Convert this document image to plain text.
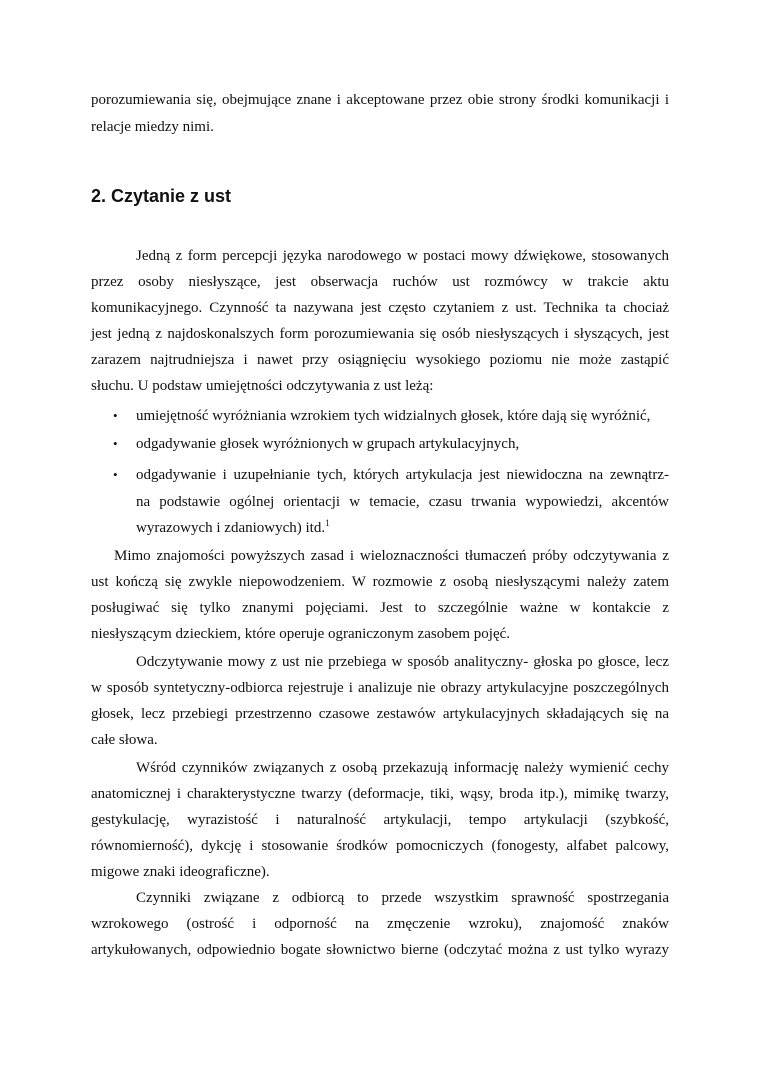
porozumiewania się, obejmujące znane i akceptowane przez obie strony środki komunikacji i
relacje miedzy nimi.
2. Czytanie z ust
Jedną z form percepcji języka narodowego w postaci mowy dźwiękowe, stosowanych
przez osoby niesłyszące, jest obserwacja ruchów ust rozmówcy w trakcie aktu
komunikacyjnego. Czynność ta nazywana jest często czytaniem z ust. Technika ta chociaż
jest jedną z najdoskonalszych form porozumiewania się osób niesłyszących i słyszących, jest
zarazem najtrudniejsza i nawet przy osiągnięciu wysokiego poziomu nie może zastąpić
słuchu. U podstaw umiejętności odczytywania z ust leżą:
• umiejętność wyróżniania wzrokiem tych widzialnych głosek, które dają się wyróżnić,
• odgadywanie głosek wyróżnionych w grupach artykulacyjnych,
• odgadywanie i uzupełnianie tych, których artykulacja jest niewidoczna na zewnątrz-
na podstawie ogólnej orientacji w temacie, czasu trwania wypowiedzi, akcentów
wyrazowych i zdaniowych) itd.$^1$
Mimo znajomości powyższych zasad i wieloznaczności tłumaczeń próby odczytywania z
ust kończą się zwykle niepowodzeniem. W rozmowie z osobą niesłyszącymi należy zatem
posługiwać się tylko znanymi pojęciami. Jest to szczególnie ważne w kontakcie z
niesłyszącym dzieckiem, które operuje ograniczonym zasobem pojęć.
Odczytywanie mowy z ust nie przebiega w sposób analityczny- głoska po głosce, lecz
w sposób syntetyczny-odbiorca rejestruje i analizuje nie obrazy artykulacyjne poszczególnych
głosek, lecz przebiegi przestrzenno czasowe zestawów artykulacyjnych składających się na
całe słowa.
Wśród czynników związanych z osobą przekazują informację należy wymienić cechy
anatomicznej i charakterystyczne twarzy (deformacje, tiki, wąsy, broda itp.), mimikę twarzy,
gestykulację, wyrazistość i naturalność artykulacji, tempo artykulacji (szybkość,
równomierność), dykcję i stosowanie środków pomocniczych (fonogesty, alfabet palcowy,
migowe znaki ideograficzne).
Czynniki związane z odbiorcą to przede wszystkim sprawność spostrzegania
wzrokowego (ostrość i odporność na zmęczenie wzroku), znajomość znaków
artykułowanych, odpowiednio bogate słownictwo bierne (odczytać można z ust tylko wyrazy
